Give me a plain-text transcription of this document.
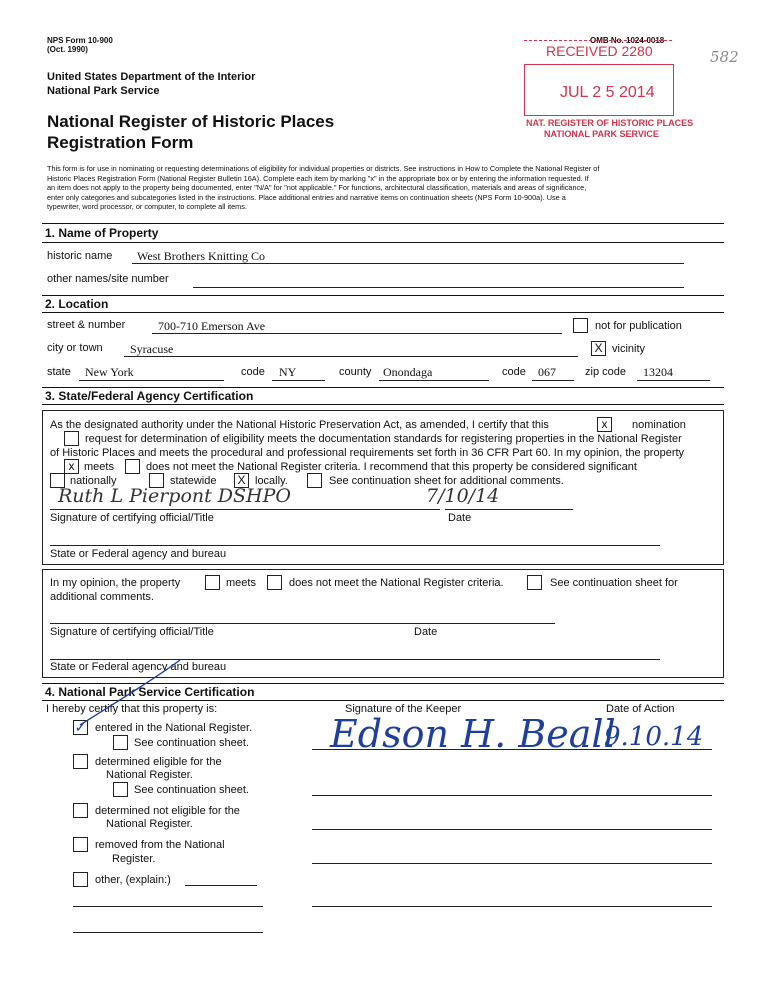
NPS Form 10-900
(Oct. 1990)
OMB No. 1024-0018
United States Department of the Interior
National Park Service
National Register of Historic Places
Registration Form
RECEIVED 2280
JUL 2 5 2014
NAT. REGISTER OF HISTORIC PLACES
NATIONAL PARK SERVICE
582
This form is for use in nominating or requesting determinations of eligibility for individual properties or districts. See instructions in How to Complete the National Register of
Historic Places Registration Form (National Register Bulletin 16A). Complete each item by marking "x" in the appropriate box or by entering the information requested. If
an item does not apply to the property being documented, enter "N/A" for "not applicable." For functions, architectural classification, materials and areas of significance,
enter only categories and subcategories listed in the instructions. Place additional entries and narrative items on continuation sheets (NPS Form 10-900a). Use a
typewriter, word processor, or computer, to complete all items.
1. Name of Property
historic name West Brothers Knitting Co
other names/site number
2. Location
street & number	700-710 Emerson Ave	not for publication
city or town Syracuse	X vicinity
state New York	code NY	county Onondaga	code 067	zip code 13204
3. State/Federal Agency Certification
As the designated authority under the National Historic Preservation Act, as amended, I certify that this	x	nomination
request for determination of eligibility meets the documentation standards for registering properties in the National Register
of Historic Places and meets the procedural and professional requirements set forth in 36 CFR Part 60. In my opinion, the property
x meets	does not meet the National Register criteria. I recommend that this property be considered significant
nationally	statewide X locally.	See continuation sheet for additional comments.
Ruth L Pierpont DSHPO	7/10/14
Signature of certifying official/Title	Date
State or Federal agency and bureau
In my opinion, the property	meets	does not meet the National Register criteria.	See continuation sheet for
additional comments.
Signature of certifying official/Title	Date
State or Federal agency and bureau
4. National Park Service Certification
I hereby certify that this property is:	Signature of the Keeper	Date of Action
Edson H. Beall
9.10.14
✓ entered in the National Register.
See continuation sheet.
determined eligible for the
National Register.
See continuation sheet.
determined not eligible for the
National Register.
removed from the National
Register.
other, (explain:)
